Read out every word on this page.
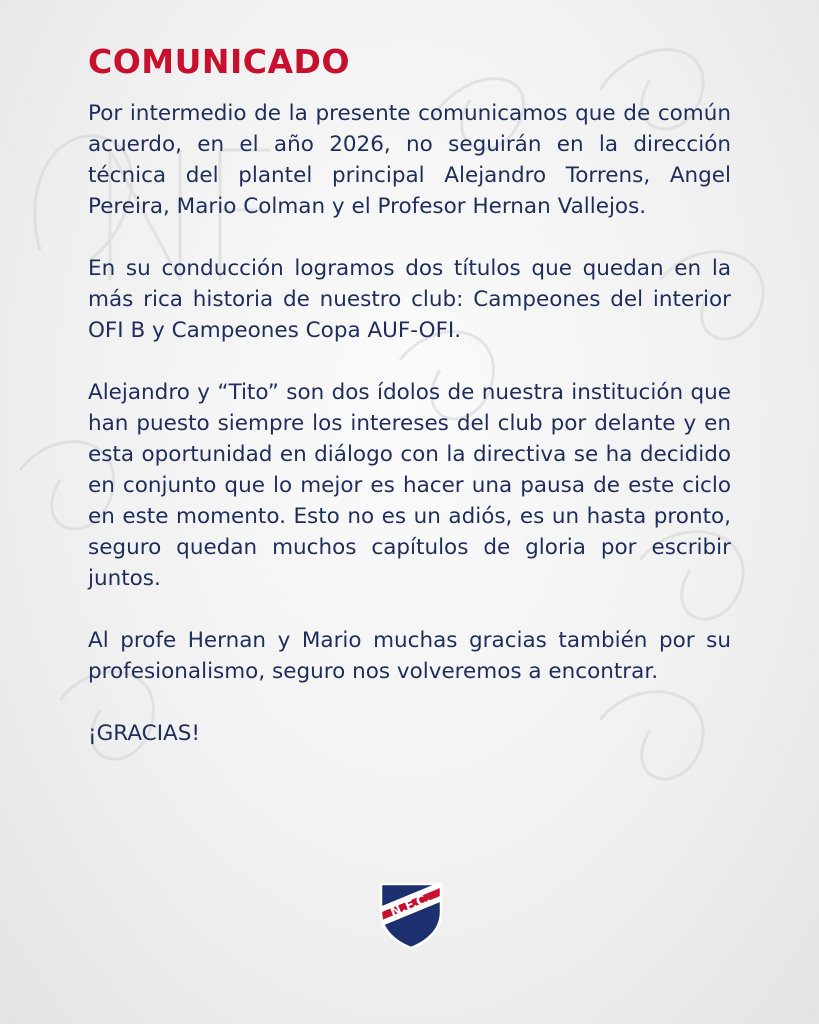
COMUNICADO

Por intermedio de la presente comunicamos que de común acuerdo, en el año 2026, no seguirán en la dirección técnica del plantel principal Alejandro Torrens, Angel Pereira, Mario Colman y el Profesor Hernan Vallejos.

En su conducción logramos dos títulos que quedan en la más rica historia de nuestro club: Campeones del interior OFI B y Campeones Copa AUF-OFI.

Alejandro y “Tito” son dos ídolos de nuestra institución que han puesto siempre los intereses del club por delante y en esta oportunidad en diálogo con la directiva se ha decidido en conjunto que lo mejor es hacer una pausa de este ciclo en este momento. Esto no es un adiós, es un hasta pronto, seguro quedan muchos capítulos de gloria por escribir juntos.

Al profe Hernan y Mario muchas gracias también por su profesionalismo, seguro nos volveremos a encontrar.

¡GRACIAS!

N.F.C.
